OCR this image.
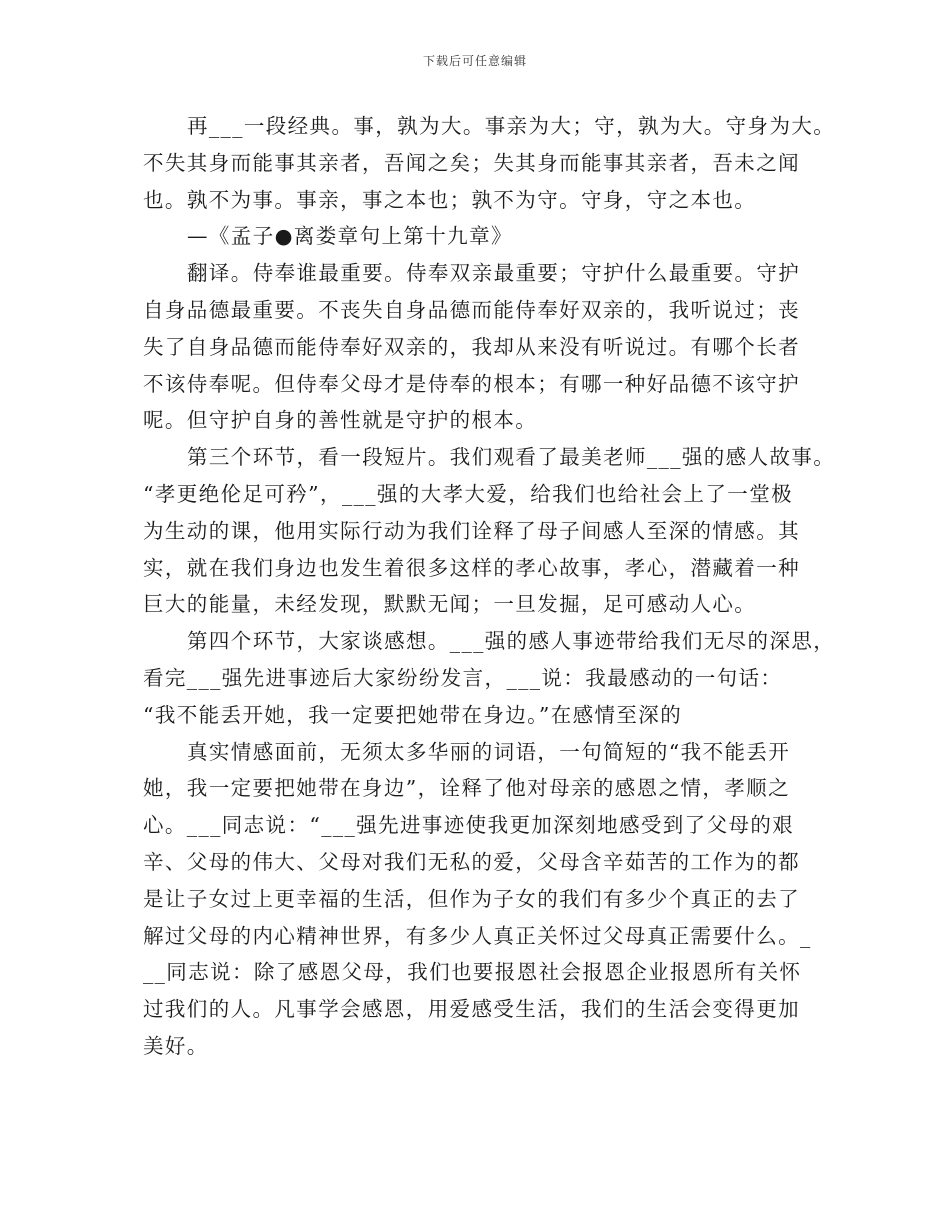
下载后可任意编辑
再___一段经典。事，孰为大。事亲为大；守，孰为大。守身为大。
不失其身而能事其亲者，吾闻之矣；失其身而能事其亲者，吾未之闻
也。孰不为事。事亲，事之本也；孰不为守。守身，守之本也。
—《孟子●离娄章句上第十九章》
翻译。侍奉谁最重要。侍奉双亲最重要；守护什么最重要。守护
自身品德最重要。不丧失自身品德而能侍奉好双亲的，我听说过；丧
失了自身品德而能侍奉好双亲的，我却从来没有听说过。有哪个长者
不该侍奉呢。但侍奉父母才是侍奉的根本；有哪一种好品德不该守护
呢。但守护自身的善性就是守护的根本。
第三个环节，看一段短片。我们观看了最美老师___强的感人故事。
“孝更绝伦足可矜”，___强的大孝大爱，给我们也给社会上了一堂极
为生动的课，他用实际行动为我们诠释了母子间感人至深的情感。其
实，就在我们身边也发生着很多这样的孝心故事，孝心，潜藏着一种
巨大的能量，未经发现，默默无闻；一旦发掘，足可感动人心。
第四个环节，大家谈感想。___强的感人事迹带给我们无尽的深思，
看完___强先进事迹后大家纷纷发言，___说：我最感动的一句话：
“我不能丢开她，我一定要把她带在身边。”在感情至深的
真实情感面前，无须太多华丽的词语，一句简短的“我不能丢开
她，我一定要把她带在身边”，诠释了他对母亲的感恩之情，孝顺之
心。___同志说：“___强先进事迹使我更加深刻地感受到了父母的艰
辛、父母的伟大、父母对我们无私的爱，父母含辛茹苦的工作为的都
是让子女过上更幸福的生活，但作为子女的我们有多少个真正的去了
解过父母的内心精神世界，有多少人真正关怀过父母真正需要什么。_
__同志说：除了感恩父母，我们也要报恩社会报恩企业报恩所有关怀
过我们的人。凡事学会感恩，用爱感受生活，我们的生活会变得更加
美好。
